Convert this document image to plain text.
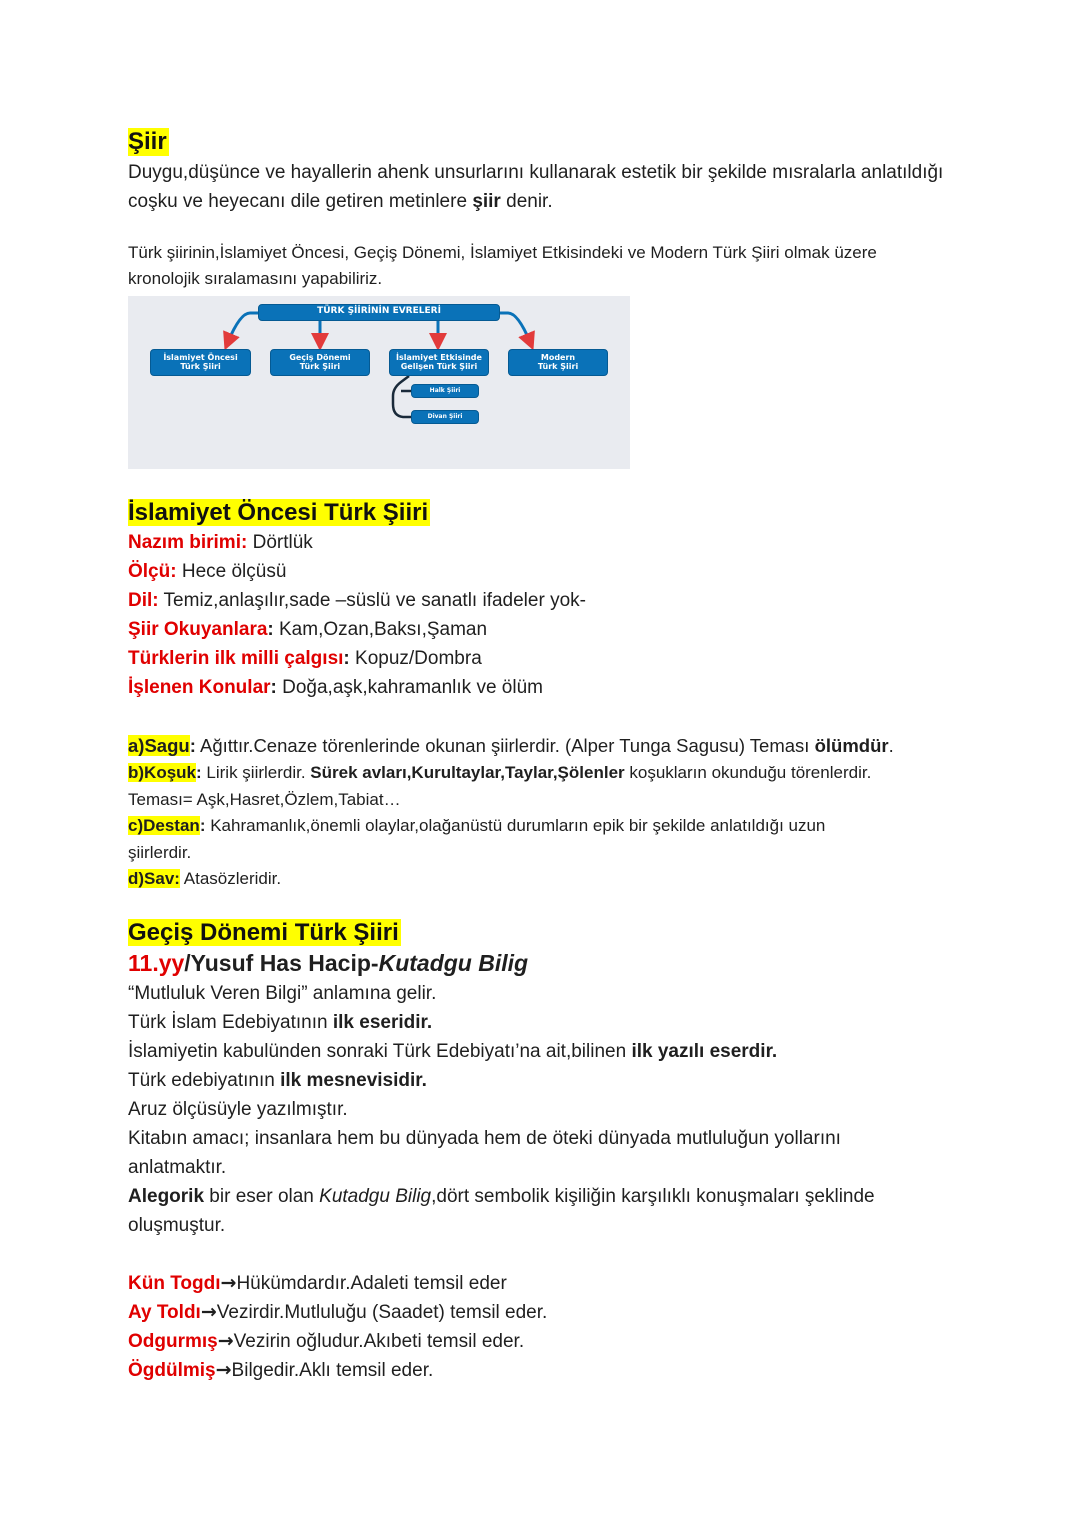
Şiir

Duygu,düşünce ve hayallerin ahenk unsurlarını kullanarak estetik bir şekilde mısralarla anlatıldığı coşku ve heyecanı dile getiren metinlere şiir denir.

Türk şiirinin,İslamiyet Öncesi, Geçiş Dönemi, İslamiyet Etkisindeki ve Modern Türk Şiiri olmak üzere kronolojik sıralamasını yapabiliriz.

TÜRK ŞİİRİNİN EVRELERİ
İslamiyet Öncesi
Türk Şiiri
Geçiş Dönemi
Türk Şiiri
İslamiyet Etkisinde
Gelişen Türk Şiiri
Modern
Türk Şiiri
Halk Şiiri
Divan Şiiri
İslamiyet Öncesi Türk Şiiri

Nazım birimi: Dörtlük

Ölçü: Hece ölçüsü

Dil: Temiz,anlaşılır,sade –süslü ve sanatlı ifadeler yok-

Şiir Okuyanlara: Kam,Ozan,Baksı,Şaman

Türklerin ilk milli çalgısı: Kopuz/Dombra

İşlenen Konular: Doğa,aşk,kahramanlık ve ölüm

a)Sagu: Ağıttır.Cenaze törenlerinde okunan şiirlerdir. (Alper Tunga Sagusu) Teması ölümdür.

b)Koşuk: Lirik şiirlerdir. Sürek avları,Kurultaylar,Taylar,Şölenler koşukların okunduğu törenlerdir.

Teması= Aşk,Hasret,Özlem,Tabiat…

c)Destan: Kahramanlık,önemli olaylar,olağanüstü durumların epik bir şekilde anlatıldığı uzun şiirlerdir.

d)Sav: Atasözleridir.

Geçiş Dönemi Türk Şiiri

11.yy/Yusuf Has Hacip-Kutadgu Bilig

“Mutluluk Veren Bilgi” anlamına gelir.

Türk İslam Edebiyatının ilk eseridir.

İslamiyetin kabulünden sonraki Türk Edebiyatı’na ait,bilinen ilk yazılı eserdir.

Türk edebiyatının ilk mesnevisidir.

Aruz ölçüsüyle yazılmıştır.

Kitabın amacı; insanlara hem bu dünyada hem de öteki dünyada mutluluğun yollarını anlatmaktır.

Alegorik bir eser olan Kutadgu Bilig,dört sembolik kişiliğin karşılıklı konuşmaları şeklinde oluşmuştur.

Kün Togdı→Hükümdardır.Adaleti temsil eder

Ay Toldı→Vezirdir.Mutluluğu (Saadet) temsil eder.

Odgurmış→Vezirin oğludur.Akıbeti temsil eder.

Ögdülmiş→Bilgedir.Aklı temsil eder.
